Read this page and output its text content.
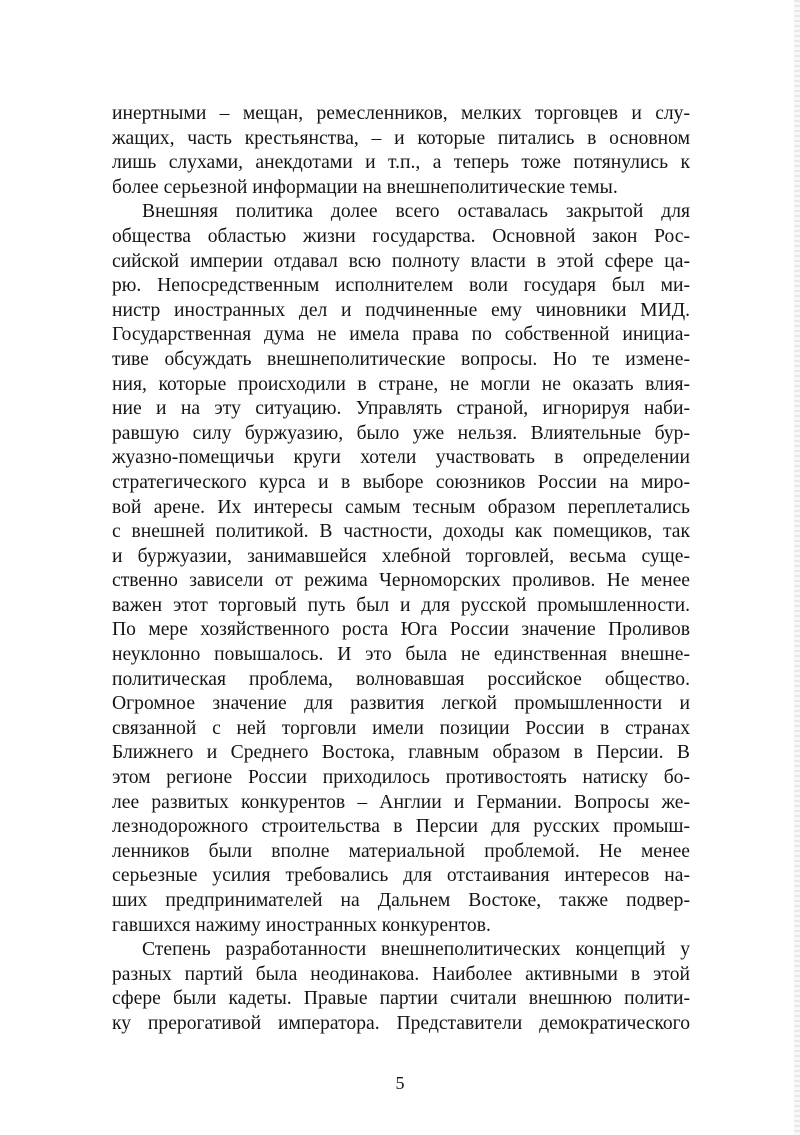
инертными – мещан, ремесленников, мелких торговцев и слу-
жащих, часть крестьянства, – и которые питались в основном
лишь слухами, анекдотами и т.п., а теперь тоже потянулись к
более серьезной информации на внешнеполитические темы.
Внешняя политика долее всего оставалась закрытой для
общества областью жизни государства. Основной закон Рос-
сийской империи отдавал всю полноту власти в этой сфере ца-
рю. Непосредственным исполнителем воли государя был ми-
нистр иностранных дел и подчиненные ему чиновники МИД.
Государственная дума не имела права по собственной инициа-
тиве обсуждать внешнеполитические вопросы. Но те измене-
ния, которые происходили в стране, не могли не оказать влия-
ние и на эту ситуацию. Управлять страной, игнорируя наби-
равшую силу буржуазию, было уже нельзя. Влиятельные бур-
жуазно-помещичьи круги хотели участвовать в определении
стратегического курса и в выборе союзников России на миро-
вой арене. Их интересы самым тесным образом переплетались
с внешней политикой. В частности, доходы как помещиков, так
и буржуазии, занимавшейся хлебной торговлей, весьма суще-
ственно зависели от режима Черноморских проливов. Не менее
важен этот торговый путь был и для русской промышленности.
По мере хозяйственного роста Юга России значение Проливов
неуклонно повышалось. И это была не единственная внешне-
политическая проблема, волновавшая российское общество.
Огромное значение для развития легкой промышленности и
связанной с ней торговли имели позиции России в странах
Ближнего и Среднего Востока, главным образом в Персии. В
этом регионе России приходилось противостоять натиску бо-
лее развитых конкурентов – Англии и Германии. Вопросы же-
лезнодорожного строительства в Персии для русских промыш-
ленников были вполне материальной проблемой. Не менее
серьезные усилия требовались для отстаивания интересов на-
ших предпринимателей на Дальнем Востоке, также подвер-
гавшихся нажиму иностранных конкурентов.
Степень разработанности внешнеполитических концепций у
разных партий была неодинакова. Наиболее активными в этой
сфере были кадеты. Правые партии считали внешнюю полити-
ку прерогативой императора. Представители демократического
5
